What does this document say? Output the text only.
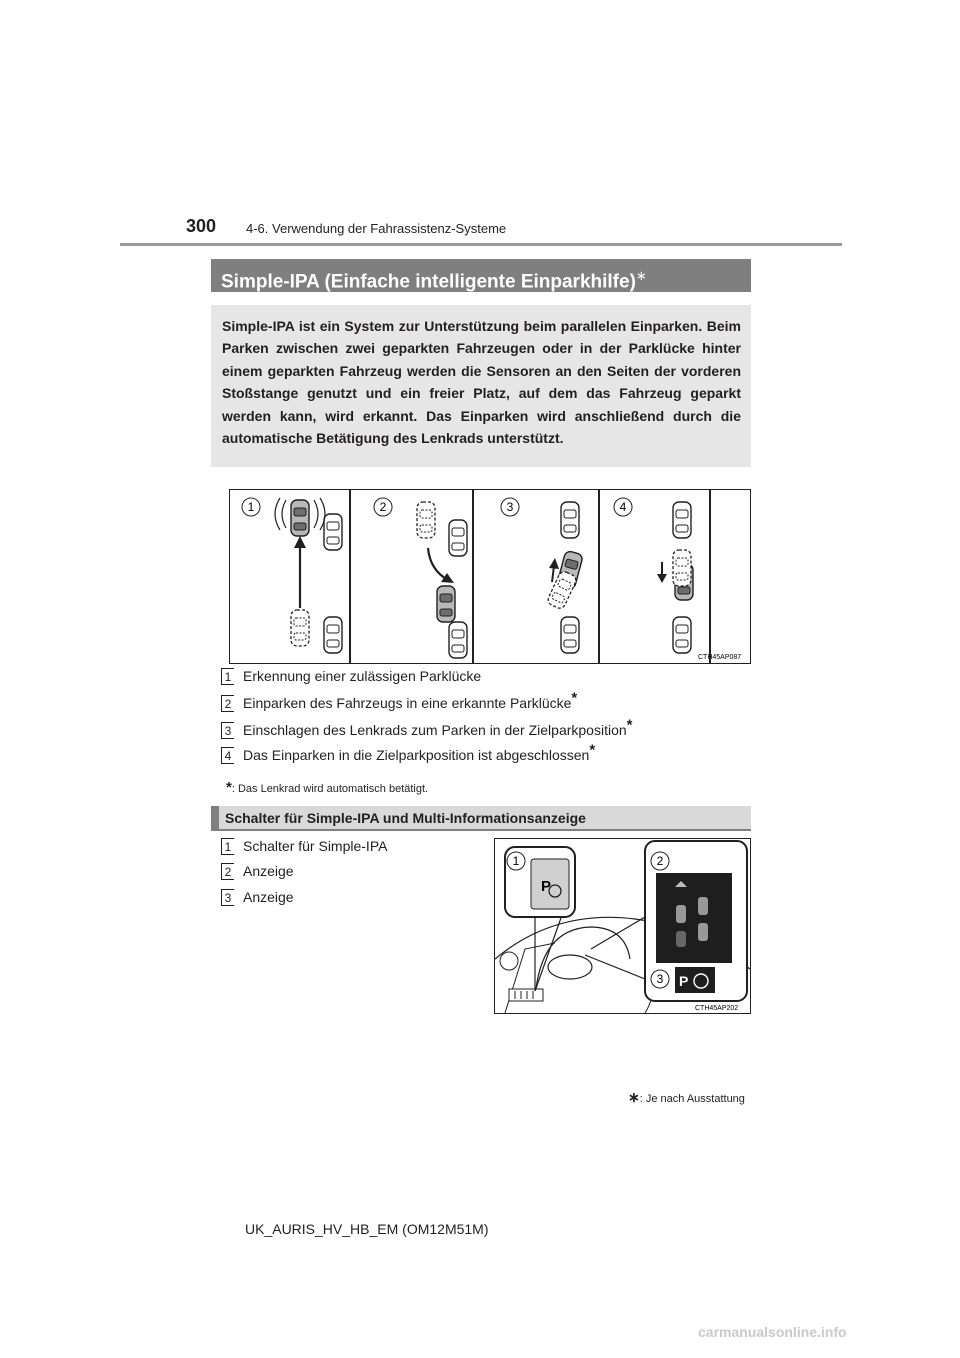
300 4-6. Verwendung der Fahrassistenz-Systeme
Simple-IPA (Einfache intelligente Einparkhilfe)∗

Simple-IPA ist ein System zur Unterstützung beim parallelen Einparken. Beim Parken zwischen zwei geparkten Fahrzeugen oder in der Parklücke hinter einem geparkten Fahrzeug werden die Sensoren an den Seiten der vorderen Stoßstange genutzt und ein freier Platz, auf dem das Fahrzeug geparkt werden kann, wird erkannt. Das Einparken wird anschließend durch die automatische Betätigung des Lenkrads unterstützt.

1	2	3	4
CTH45AP087
1 Erkennung einer zulässigen Parklücke
2 Einparken des Fahrzeugs in eine erkannte Parklücke*
3 Einschlagen des Lenkrads zum Parken in der Zielparkposition*
4 Das Einparken in die Zielparkposition ist abgeschlossen*
*: Das Lenkrad wird automatisch betätigt.
Schalter für Simple-IPA und Multi-Informationsanzeige
1 Schalter für Simple-IPA
2 Anzeige
3 Anzeige
P
1
P
2
3
CTH45AP202
∗: Je nach Ausstattung
UK_AURIS_HV_HB_EM (OM12M51M)
carmanualsonline.info
